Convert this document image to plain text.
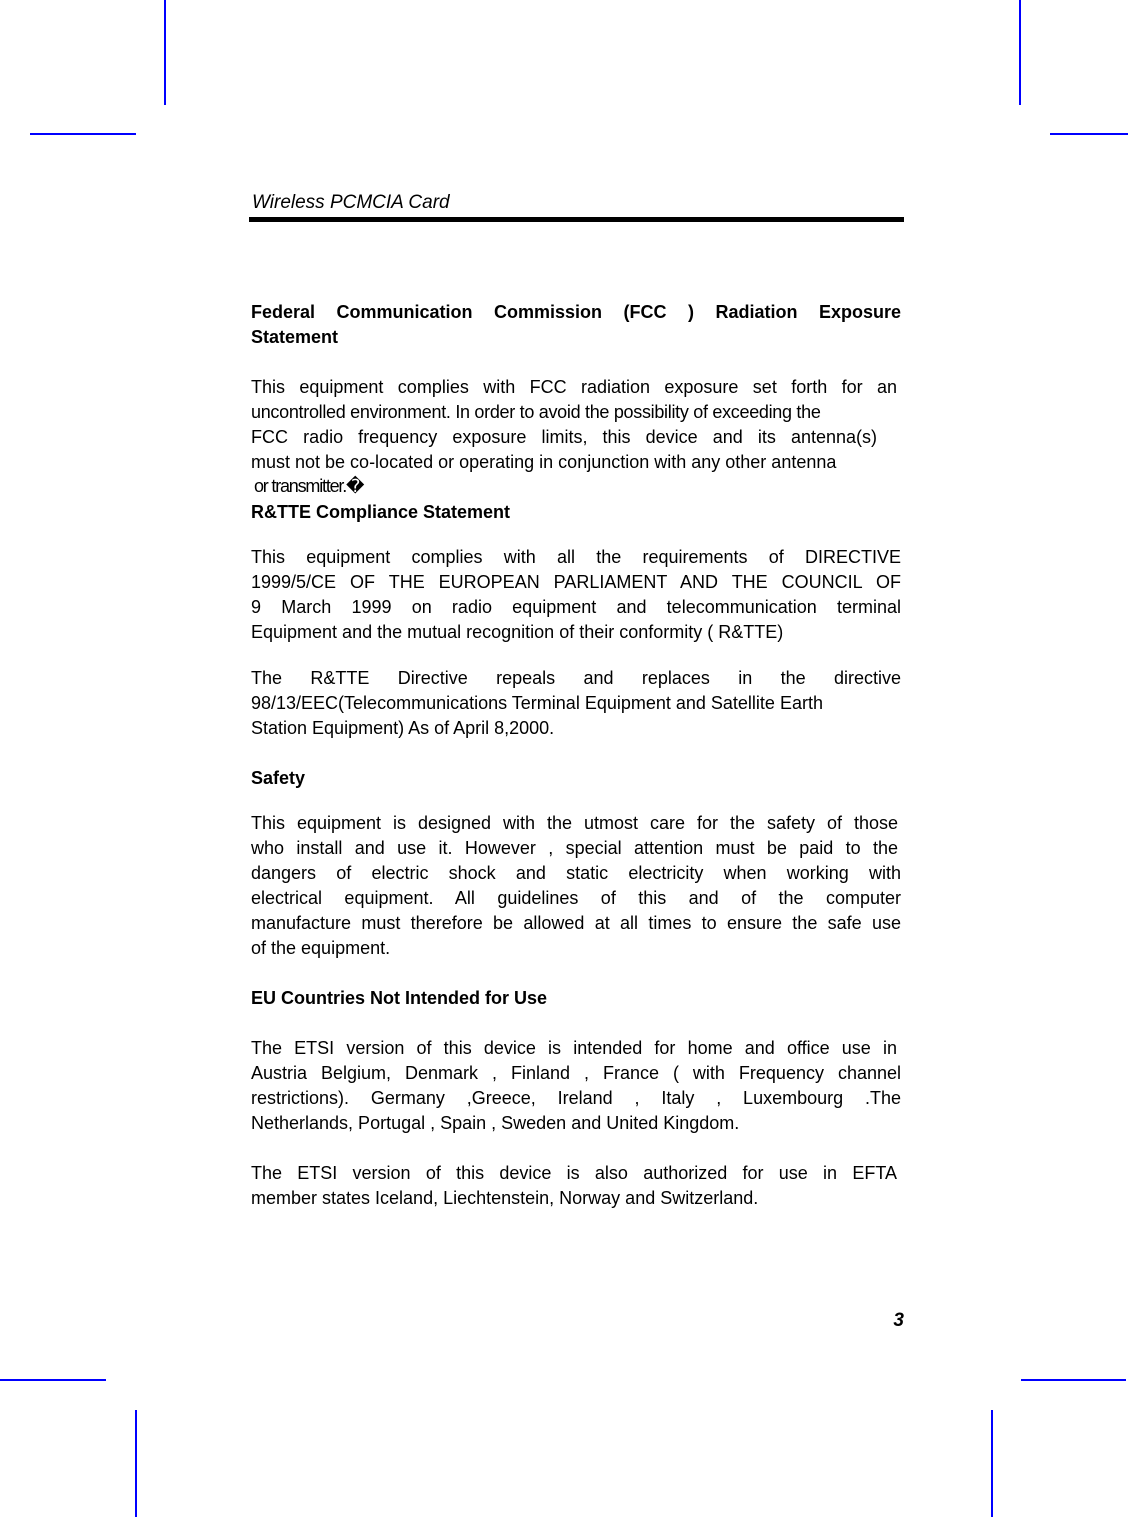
Wireless PCMCIA Card
Federal Communication Commission (FCC ) Radiation Exposure
Statement
This equipment complies with FCC radiation exposure set forth for an
uncontrolled environment. In order to avoid the possibility of exceeding the
FCC radio frequency exposure limits, this device and its antenna(s)
must not be co-located or operating in conjunction with any other antenna
or transmitter.�
R&TTE Compliance Statement
This equipment complies with all the requirements of DIRECTIVE
1999/5/CE OF THE EUROPEAN PARLIAMENT AND THE COUNCIL OF
9 March 1999 on radio equipment and telecommunication terminal
Equipment and the mutual recognition of their conformity ( R&TTE)
The R&TTE Directive repeals and replaces in the directive
98/13/EEC(Telecommunications Terminal Equipment and Satellite Earth
Station Equipment) As of April 8,2000.
Safety
This equipment is designed with the utmost care for the safety of those
who install and use it. However , special attention must be paid to the
dangers of electric shock and static electricity when working with
electrical equipment. All guidelines of this and of the computer
manufacture must therefore be allowed at all times to ensure the safe use
of the equipment.
EU Countries Not Intended for Use
The ETSI version of this device is intended for home and office use in
Austria Belgium, Denmark , Finland , France ( with Frequency channel
restrictions). Germany ,Greece, Ireland , Italy , Luxembourg .The
Netherlands, Portugal , Spain , Sweden and United Kingdom.
The ETSI version of this device is also authorized for use in EFTA
member states Iceland, Liechtenstein, Norway and Switzerland.
3
